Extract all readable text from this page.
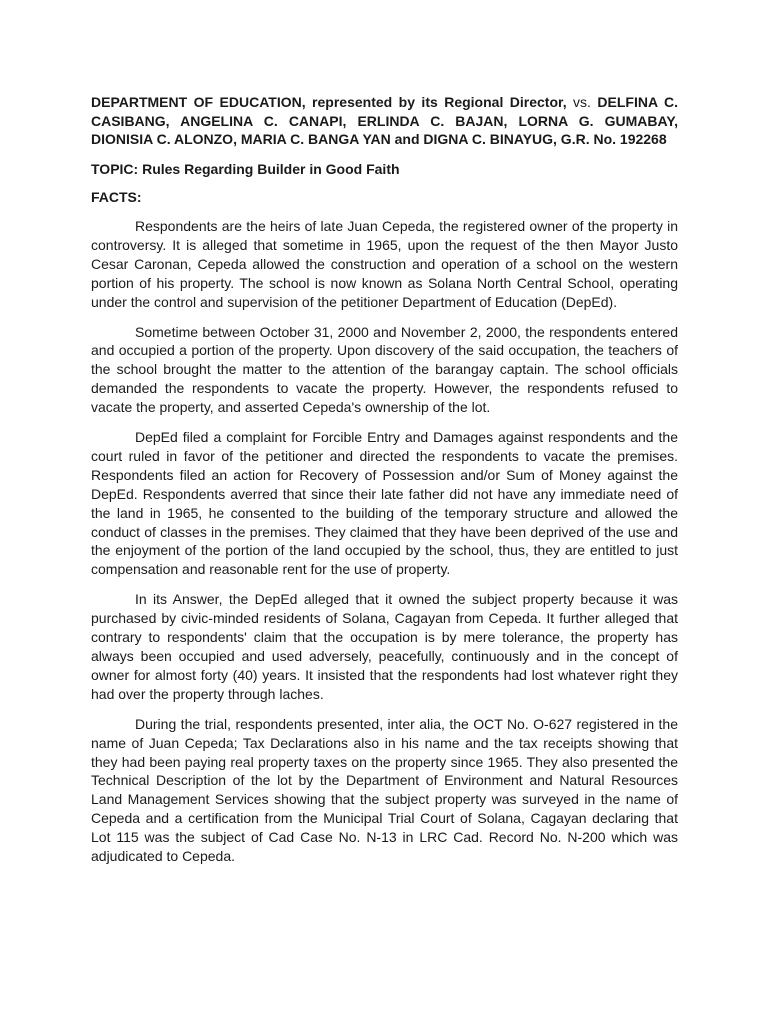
DEPARTMENT OF EDUCATION, represented by its Regional Director, vs. DELFINA C. CASIBANG, ANGELINA C. CANAPI, ERLINDA C. BAJAN, LORNA G. GUMABAY, DIONISIA C. ALONZO, MARIA C. BANGA YAN and DIGNA C. BINAYUG, G.R. No. 192268

TOPIC: Rules Regarding Builder in Good Faith

FACTS:

Respondents are the heirs of late Juan Cepeda, the registered owner of the property in controversy. It is alleged that sometime in 1965, upon the request of the then Mayor Justo Cesar Caronan, Cepeda allowed the construction and operation of a school on the western portion of his property. The school is now known as Solana North Central School, operating under the control and supervision of the petitioner Department of Education (DepEd).

Sometime between October 31, 2000 and November 2, 2000, the respondents entered and occupied a portion of the property. Upon discovery of the said occupation, the teachers of the school brought the matter to the attention of the barangay captain. The school officials demanded the respondents to vacate the property. However, the respondents refused to vacate the property, and asserted Cepeda's ownership of the lot.

DepEd filed a complaint for Forcible Entry and Damages against respondents and the court ruled in favor of the petitioner and directed the respondents to vacate the premises. Respondents filed an action for Recovery of Possession and/or Sum of Money against the DepEd. Respondents averred that since their late father did not have any immediate need of the land in 1965, he consented to the building of the temporary structure and allowed the conduct of classes in the premises. They claimed that they have been deprived of the use and the enjoyment of the portion of the land occupied by the school, thus, they are entitled to just compensation and reasonable rent for the use of property.

In its Answer, the DepEd alleged that it owned the subject property because it was purchased by civic-minded residents of Solana, Cagayan from Cepeda. It further alleged that contrary to respondents' claim that the occupation is by mere tolerance, the property has always been occupied and used adversely, peacefully, continuously and in the concept of owner for almost forty (40) years. It insisted that the respondents had lost whatever right they had over the property through laches.

During the trial, respondents presented, inter alia, the OCT No. O-627 registered in the name of Juan Cepeda; Tax Declarations also in his name and the tax receipts showing that they had been paying real property taxes on the property since 1965. They also presented the Technical Description of the lot by the Department of Environment and Natural Resources Land Management Services showing that the subject property was surveyed in the name of Cepeda and a certification from the Municipal Trial Court of Solana, Cagayan declaring that Lot 115 was the subject of Cad Case No. N-13 in LRC Cad. Record No. N-200 which was adjudicated to Cepeda.
